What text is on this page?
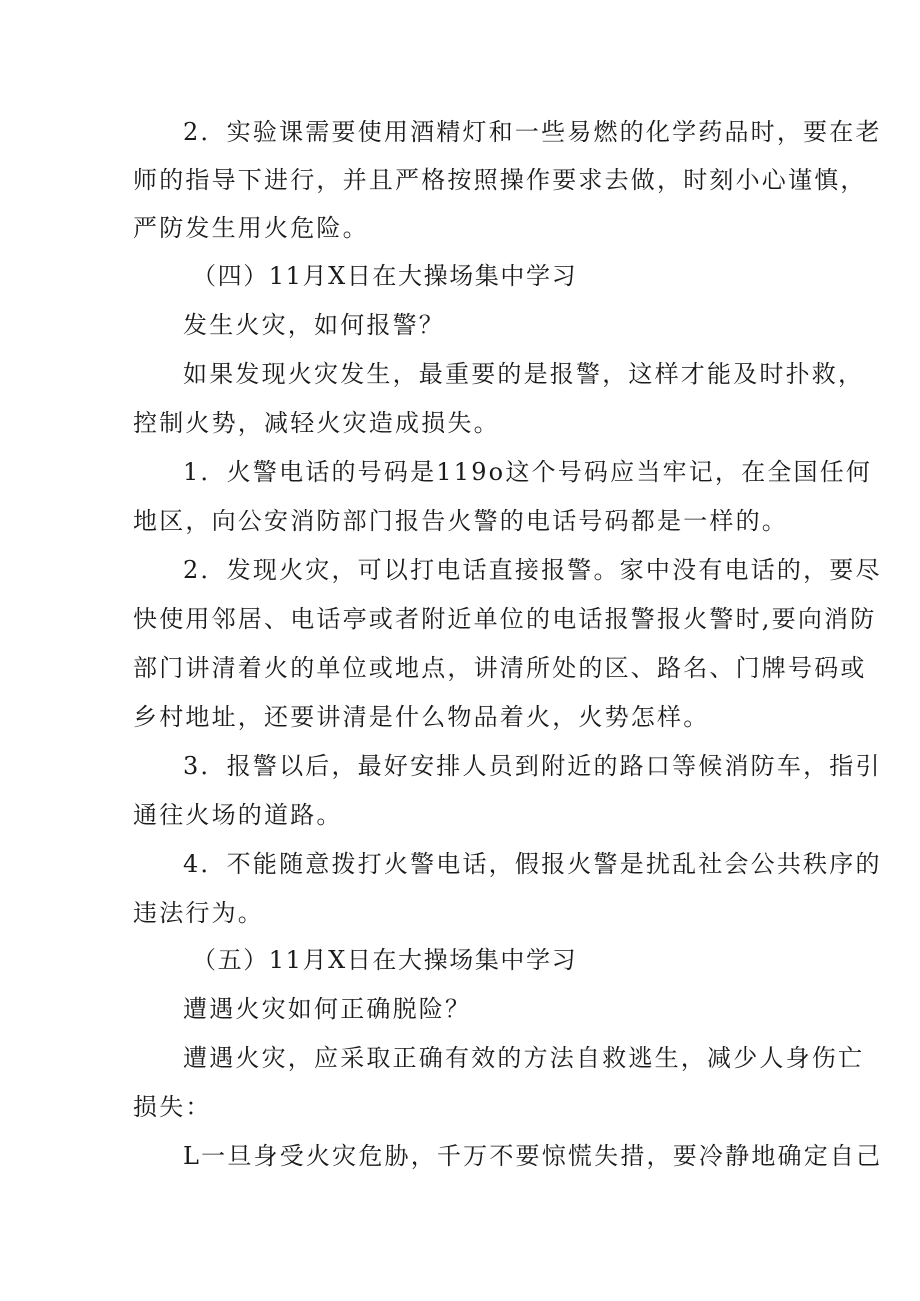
2．实验课需要使用酒精灯和一些易燃的化学药品时，要在老
师的指导下进行，并且严格按照操作要求去做，时刻小心谨慎，
严防发生用火危险。
（四）11月X日在大操场集中学习
发生火灾，如何报警？
如果发现火灾发生，最重要的是报警，这样才能及时扑救，
控制火势，减轻火灾造成损失。
1．火警电话的号码是119o这个号码应当牢记，在全国任何
地区，向公安消防部门报告火警的电话号码都是一样的。
2．发现火灾，可以打电话直接报警。家中没有电话的，要尽
快使用邻居、电话亭或者附近单位的电话报警报火警时,要向消防
部门讲清着火的单位或地点，讲清所处的区、路名、门牌号码或
乡村地址，还要讲清是什么物品着火，火势怎样。
3．报警以后，最好安排人员到附近的路口等候消防车，指引
通往火场的道路。
4．不能随意拨打火警电话，假报火警是扰乱社会公共秩序的
违法行为。
（五）11月X日在大操场集中学习
遭遇火灾如何正确脱险？
遭遇火灾，应采取正确有效的方法自救逃生，减少人身伤亡
损失：
L一旦身受火灾危胁，千万不要惊慌失措，要冷静地确定自己
